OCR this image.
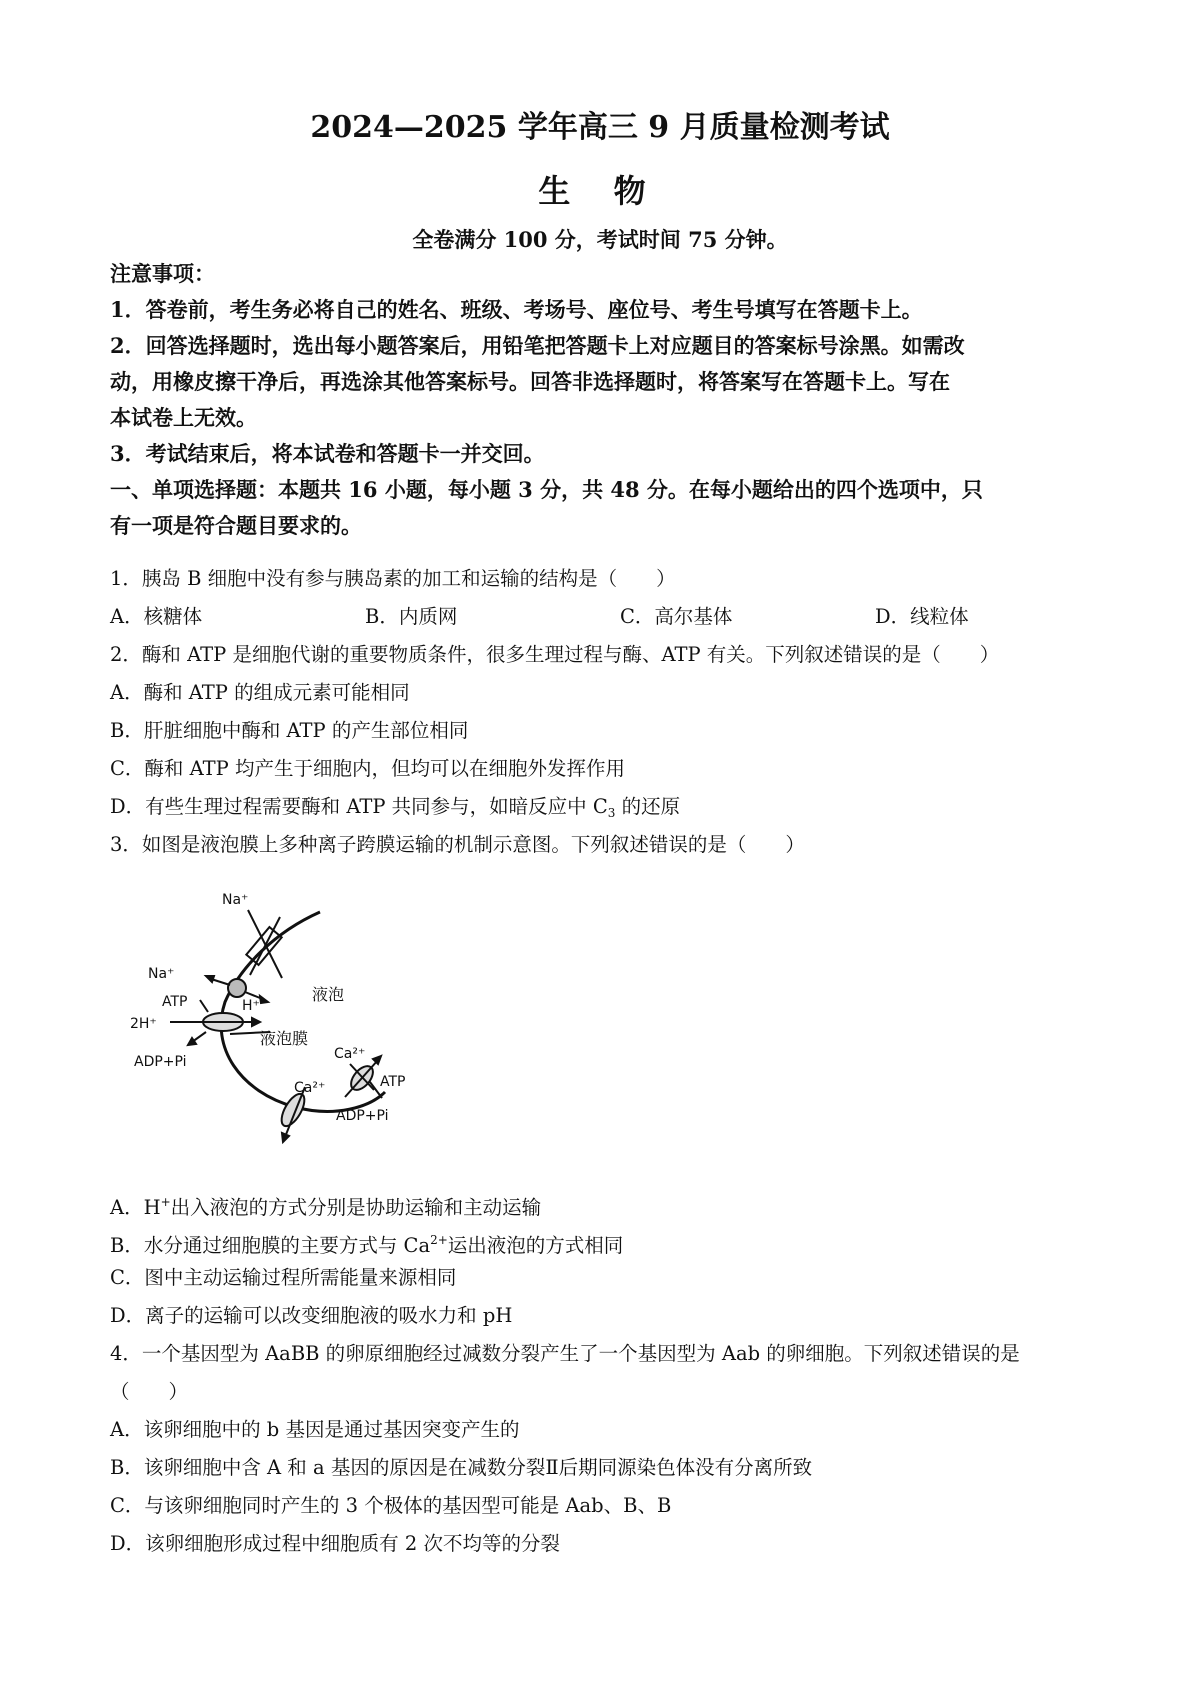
2024—2025 学年高三 9 月质量检测考试
生 物
全卷满分 100 分，考试时间 75 分钟。
注意事项：
1．答卷前，考生务必将自己的姓名、班级、考场号、座位号、考生号填写在答题卡上。
2．回答选择题时，选出每小题答案后，用铅笔把答题卡上对应题目的答案标号涂黑。如需改
动，用橡皮擦干净后，再选涂其他答案标号。回答非选择题时，将答案写在答题卡上。写在
本试卷上无效。
3．考试结束后，将本试卷和答题卡一并交回。
一、单项选择题：本题共 16 小题，每小题 3 分，共 48 分。在每小题给出的四个选项中，只
有一项是符合题目要求的。
1．胰岛 B 细胞中没有参与胰岛素的加工和运输的结构是（　　）
A．核糖体	B．内质网	C．高尔基体	D．线粒体
2．酶和 ATP 是细胞代谢的重要物质条件，很多生理过程与酶、ATP 有关。下列叙述错误的是（　　）
A．酶和 ATP 的组成元素可能相同
B．肝脏细胞中酶和 ATP 的产生部位相同
C．酶和 ATP 均产生于细胞内，但均可以在细胞外发挥作用
D．有些生理过程需要酶和 ATP 共同参与，如暗反应中 $C_3$ 的还原
3．如图是液泡膜上多种离子跨膜运输的机制示意图。下列叙述错误的是（　　）
Na⁺
Na⁺
H⁺
液泡
ATP
2H⁺
液泡膜
ADP+Pi	Ca²⁺
ATP
Ca²⁺
ADP+Pi
A．H+出入液泡的方式分别是协助运输和主动运输
B．水分通过细胞膜的主要方式与 $Ca^{2+}$运出液泡的方式相同
C．图中主动运输过程所需能量来源相同
D．离子的运输可以改变细胞液的吸水力和 pH
4．一个基因型为 AaBB 的卵原细胞经过减数分裂产生了一个基因型为 Aab 的卵细胞。下列叙述错误的是
（　　）
A．该卵细胞中的 b 基因是通过基因突变产生的
B．该卵细胞中含 A 和 a 基因的原因是在减数分裂Ⅱ后期同源染色体没有分离所致
C．与该卵细胞同时产生的 3 个极体的基因型可能是 Aab、B、B
D．该卵细胞形成过程中细胞质有 2 次不均等的分裂
